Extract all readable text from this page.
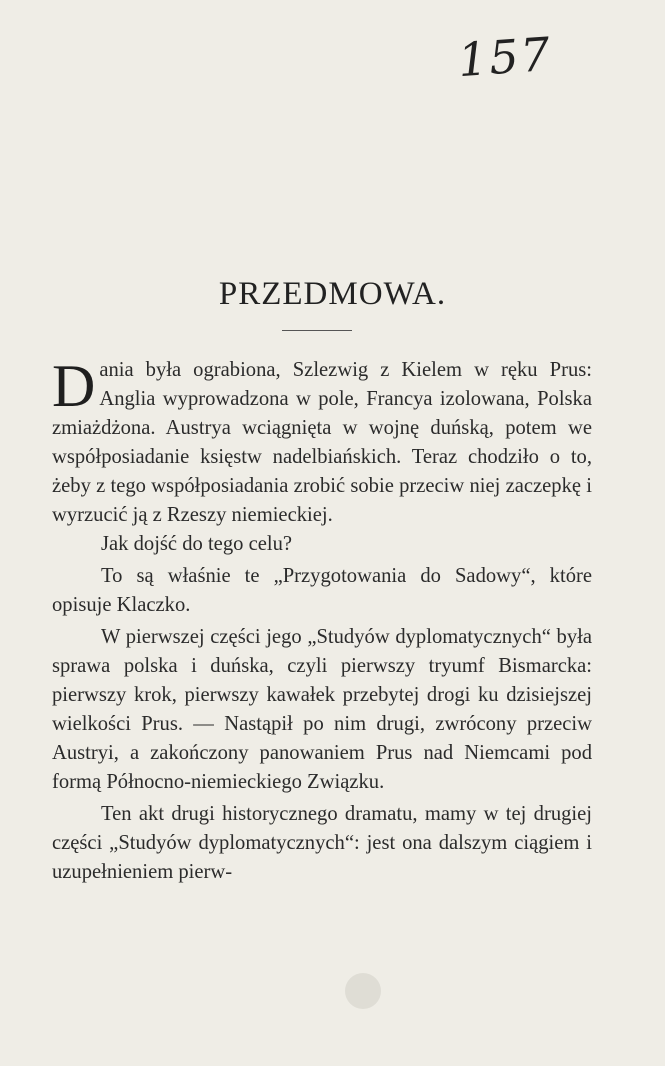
157
PRZEDMOWA.

Dania była ograbiona, Szlezwig z Kielem w ręku Prus: Anglia wyprowadzona w pole, Francya izolowana, Polska zmiażdżona. Austrya wciągnięta w wojnę duńską, potem we współposiadanie księstw nadelbiańskich. Teraz chodziło o to, żeby z tego współposiadania zrobić sobie przeciw niej zaczepkę i wyrzucić ją z Rzeszy niemieckiej.

Jak dojść do tego celu?

To są właśnie te „Przygotowania do Sadowy“, które opisuje Klaczko.

W pierwszej części jego „Studyów dyplomatycznych“ była sprawa polska i duńska, czyli pierwszy tryumf Bismarcka: pierwszy krok, pierwszy kawałek przebytej drogi ku dzisiejszej wielkości Prus. — Nastąpił po nim drugi, zwrócony przeciw Austryi, a zakończony panowaniem Prus nad Niemcami pod formą Północno-niemieckiego Związku.

Ten akt drugi historycznego dramatu, mamy w tej drugiej części „Studyów dyplomatycznych“: jest ona dalszym ciągiem i uzupełnieniem pierw-
